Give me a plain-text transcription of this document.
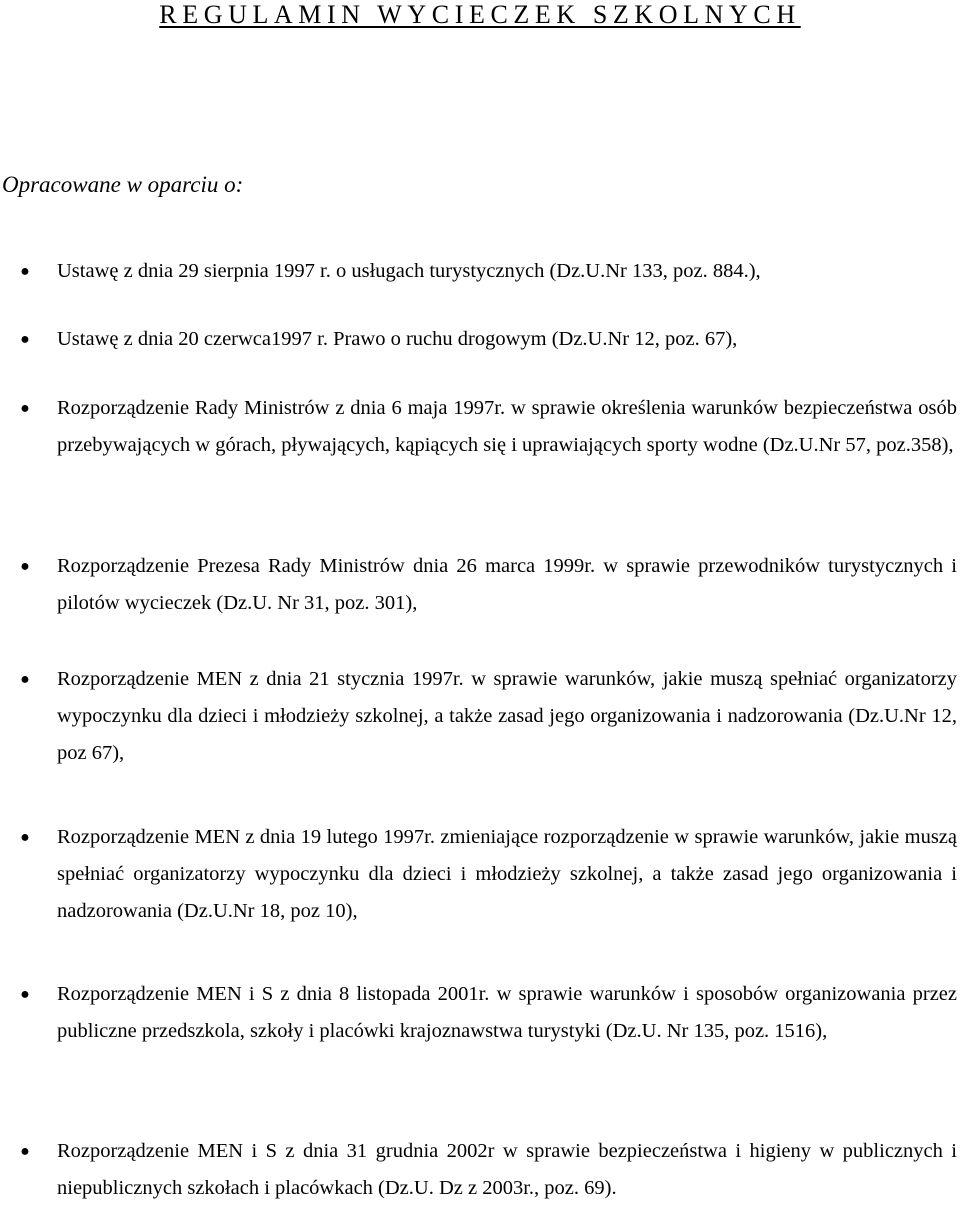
REGULAMIN WYCIECZEK SZKOLNYCH
Opracowane w oparciu o:
● Ustawę z dnia 29 sierpnia 1997 r. o usługach turystycznych (Dz.U.Nr 133, poz. 884.),
● Ustawę z dnia 20 czerwca1997 r. Prawo o ruchu drogowym (Dz.U.Nr 12, poz. 67),
● Rozporządzenie Rady Ministrów z dnia 6 maja 1997r. w sprawie określenia warunków bezpieczeństwa osób przebywających w górach, pływających, kąpiących się i uprawiających sporty wodne (Dz.U.Nr 57, poz.358),
● Rozporządzenie Prezesa Rady Ministrów dnia 26 marca 1999r. w sprawie przewodników turystycznych i pilotów wycieczek (Dz.U. Nr 31, poz. 301),
● Rozporządzenie MEN z dnia 21 stycznia 1997r. w sprawie warunków, jakie muszą spełniać organizatorzy wypoczynku dla dzieci i młodzieży szkolnej, a także zasad jego organizowania i nadzorowania (Dz.U.Nr 12, poz 67),
● Rozporządzenie MEN z dnia 19 lutego 1997r. zmieniające rozporządzenie w sprawie warunków, jakie muszą spełniać organizatorzy wypoczynku dla dzieci i młodzieży szkolnej, a także zasad jego organizowania i nadzorowania (Dz.U.Nr 18, poz 10),
● Rozporządzenie MEN i S z dnia 8 listopada 2001r. w sprawie warunków i sposobów organizowania przez publiczne przedszkola, szkoły i placówki krajoznawstwa turystyki (Dz.U. Nr 135, poz. 1516),
● Rozporządzenie MEN i S z dnia 31 grudnia 2002r w sprawie bezpieczeństwa i higieny w publicznych i niepublicznych szkołach i placówkach (Dz.U. Dz z 2003r., poz. 69).
